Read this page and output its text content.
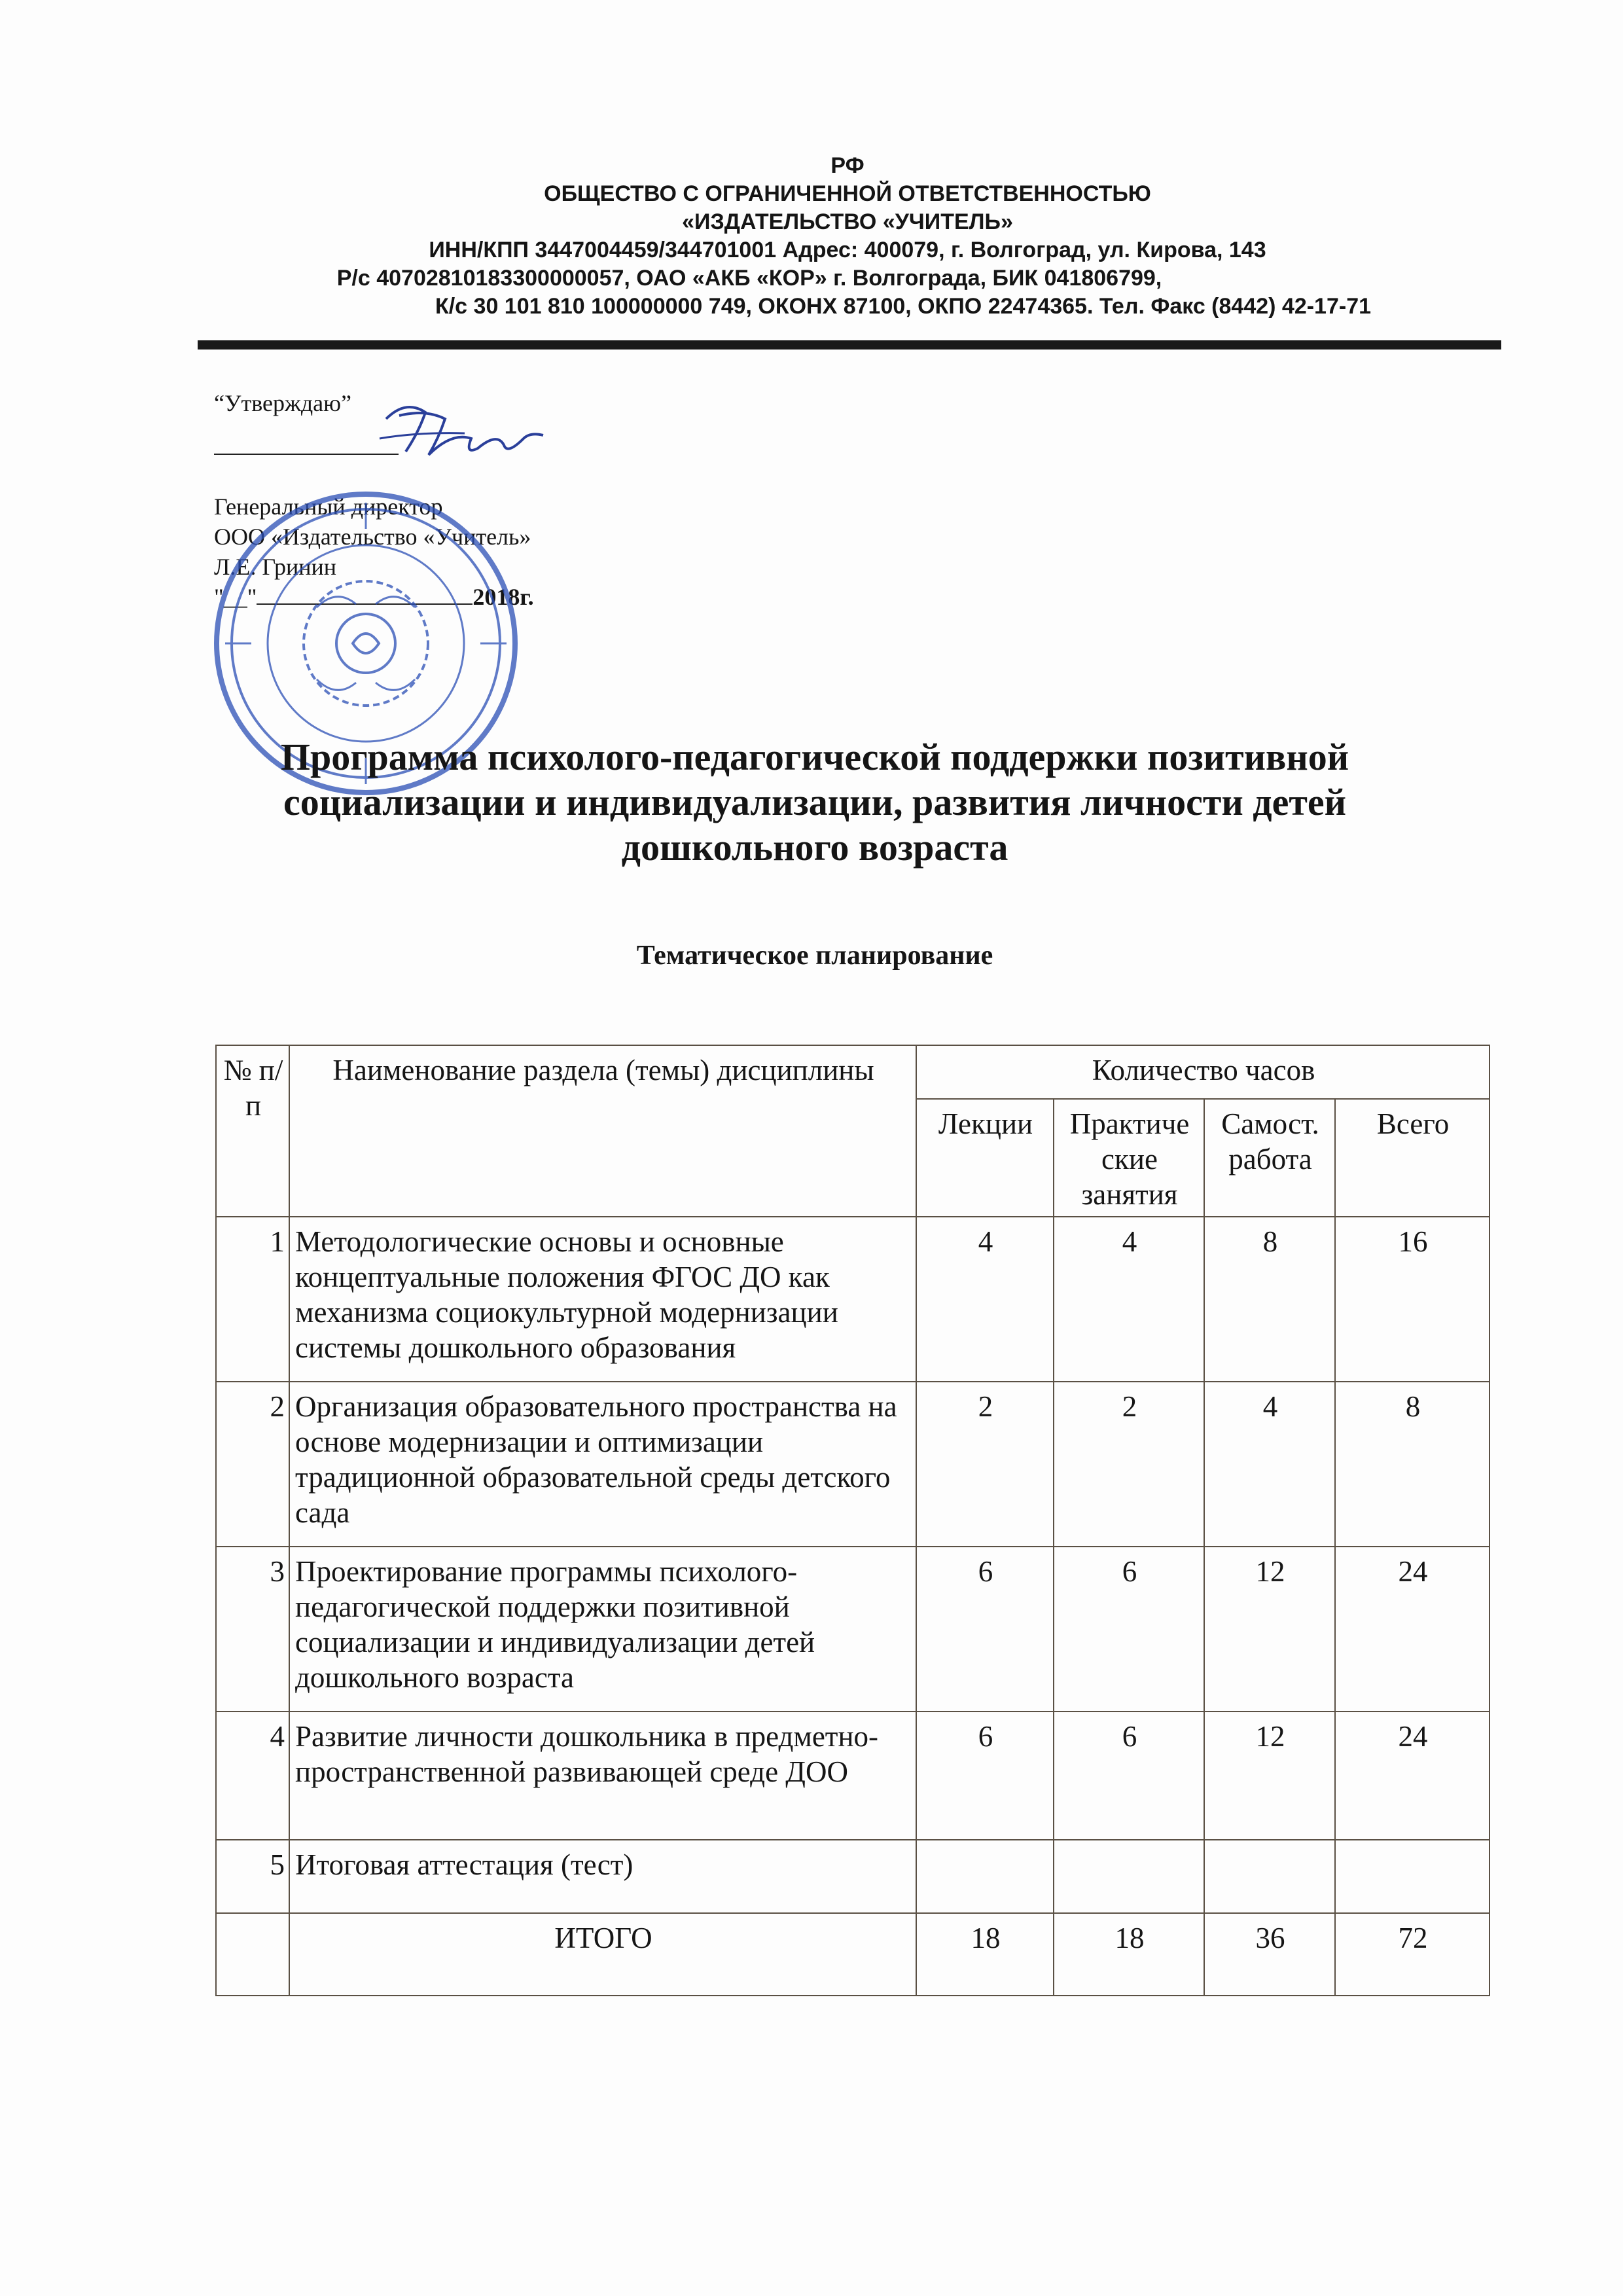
РФ
ОБЩЕСТВО С ОГРАНИЧЕННОЙ ОТВЕТСТВЕННОСТЬЮ
«ИЗДАТЕЛЬСТВО «УЧИТЕЛЬ»
ИНН/КПП 3447004459/344701001 Адрес: 400079, г. Волгоград, ул. Кирова, 143
Р/с 40702810183300000057, ОАО «АКБ «КОР» г. Волгограда, БИК 041806799,
К/с 30 101 810 100000000 749, ОКОНХ 87100, ОКПО 22474365. Тел. Факс (8442) 42-17-71
“Утверждаю”
Генеральный директор
ООО «Издательство «Учитель»
Л.Е. Гринин
"__"	2018г.
Программа психолого-педагогической поддержки позитивной
социализации и индивидуализации, развития личности детей
дошкольного возраста
Тематическое планирование
№ п/п	Наименование раздела (темы) дисциплины	Количество часов			
		Лекции	Практиче ские занятия	Самост. работа	Всего
1	Методологические основы и основные концептуальные положения ФГОС ДО как механизма социокультурной модернизации системы дошкольного образования	4	4	8	16
2	Организация образовательного пространства на основе модернизации и оптимизации традиционной образовательной среды детского сада	2	2	4	8
3	Проектирование программы психолого-педагогической поддержки позитивной социализации и индивидуализации детей дошкольного возраста	6	6	12	24
4	Развитие личности дошкольника в предметно-пространственной развивающей среде ДОО	6	6	12	24
5	Итоговая аттестация (тест)				
	ИТОГО	18	18	36	72
